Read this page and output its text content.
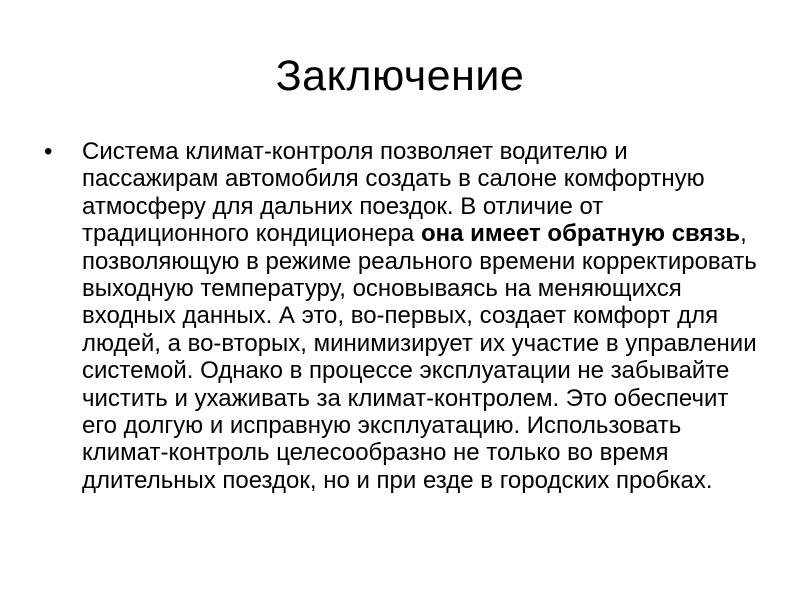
Заключение
•	Система климат-контроля позволяет водителю и пассажирам автомобиля создать в салоне комфортную атмосферу для дальних поездок. В отличие от традиционного кондиционера она имеет обратную связь, позволяющую в режиме реального времени корректировать выходную температуру, основываясь на меняющихся входных данных. А это, во-первых, создает комфорт для людей, а во-вторых, минимизирует их участие в управлении системой. Однако в процессе эксплуатации не забывайте чистить и ухаживать за климат-контролем. Это обеспечит его долгую и исправную эксплуатацию. Использовать климат-контроль целесообразно не только во время длительных поездок, но и при езде в городских пробках.
